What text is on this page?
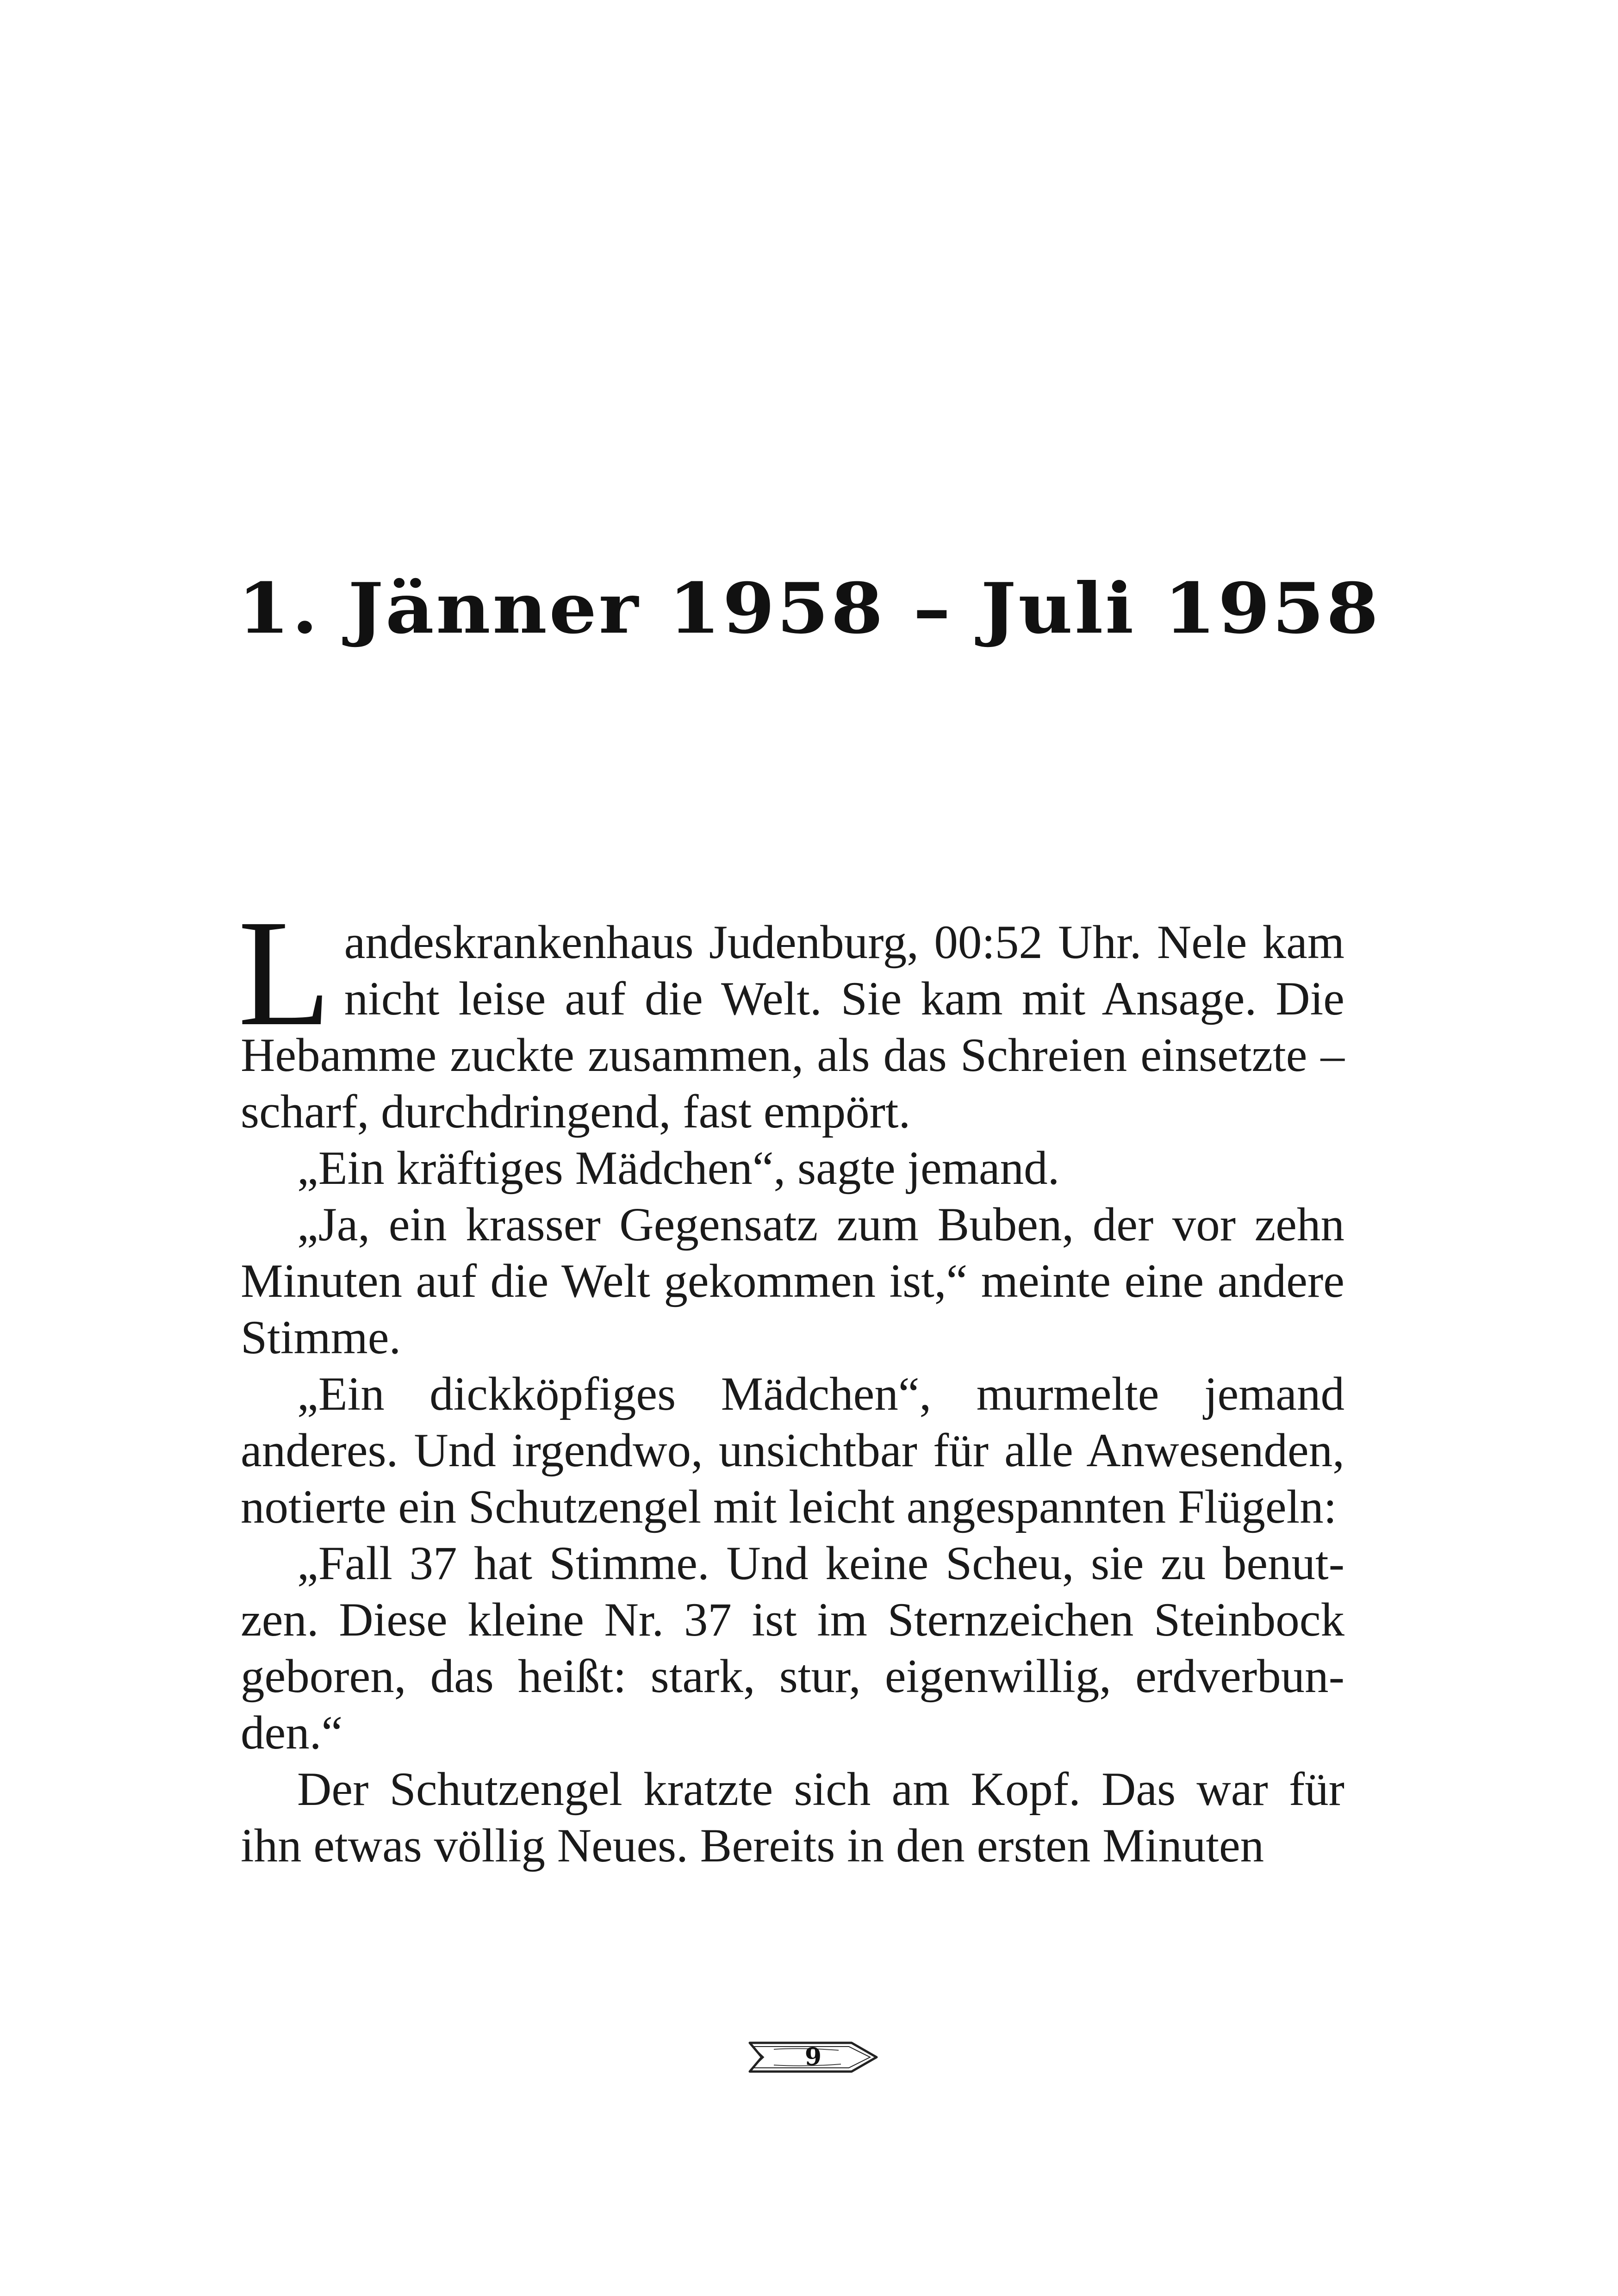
1. Jänner 1958 – Juli 1958

Landeskrankenhaus Judenburg, 00:52 Uhr. Nele kam nicht leise auf die Welt. Sie kam mit Ansage. Die Hebamme zuckte zusammen, als das Schreien einsetzte – scharf, durchdringend, fast empört.

„Ein kräftiges Mädchen“, sagte jemand.

„Ja, ein krasser Gegensatz zum Buben, der vor zehn Minuten auf die Welt gekommen ist,“ meinte eine andere Stimme.

„Ein dickköpfiges Mädchen“, murmelte jemand anderes. Und irgendwo, unsichtbar für alle Anwesenden, notierte ein Schutzengel mit leicht angespannten Flügeln:

„Fall 37 hat Stimme. Und keine Scheu, sie zu benutzen. Diese kleine Nr. 37 ist im Sternzeichen Steinbock geboren, das heißt: stark, stur, eigenwillig, erdverbunden.“

Der Schutzengel kratzte sich am Kopf. Das war für ihn etwas völlig Neues. Bereits in den ersten Minuten

9
